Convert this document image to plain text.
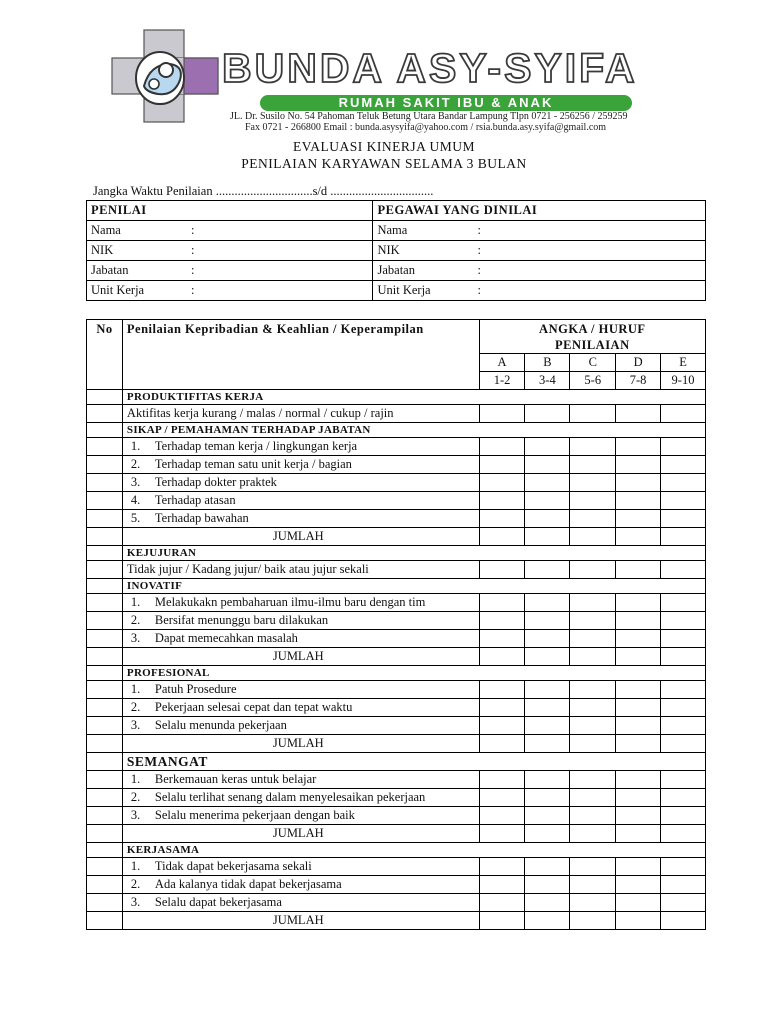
BUNDA ASY-SYIFA
RUMAH SAKIT IBU & ANAK
JL. Dr. Susilo No. 54 Pahoman Teluk Betung Utara Bandar Lampung Tlpn 0721 - 256256 / 259259
Fax 0721 - 266800 Email : bunda.asysyifa@yahoo.com / rsia.bunda.asy.syifa@gmail.com
EVALUASI KINERJA UMUM
PENILAIAN KARYAWAN SELAMA 3 BULAN
Jangka Waktu Penilaian ...............................s/d .................................
PENILAI	PEGAWAI YANG DINILAI
Nama :	Nama :
NIK :	NIK :
Jabatan :	Jabatan :
Unit Kerja :	Unit Kerja :
No	Penilaian Kepribadian & Keahlian / Keperampilan	ANGKA / HURUF
PENILAIAN				

		A	B	C	D	E
		1-2	3-4	5-6	7-8	9-10
	PRODUKTIFITAS KERJA					
	Aktifitas kerja kurang / malas / normal / cukup / rajin					
	SIKAP / PEMAHAMAN TERHADAP JABATAN					
	1. Terhadap teman kerja / lingkungan kerja					
	2. Terhadap teman satu unit kerja / bagian					
	3. Terhadap dokter praktek					
	4. Terhadap atasan					
	5. Terhadap bawahan					
	JUMLAH					
	KEJUJURAN					
	Tidak jujur / Kadang jujur/ baik atau jujur sekali					
	INOVATIF					
	1. Melakukakn pembaharuan ilmu-ilmu baru dengan tim					
	2. Bersifat menunggu baru dilakukan					
	3. Dapat memecahkan masalah					
	JUMLAH					
	PROFESIONAL					
	1. Patuh Prosedure					
	2. Pekerjaan selesai cepat dan tepat waktu					
	3. Selalu menunda pekerjaan					
	JUMLAH					
	SEMANGAT					
	1. Berkemauan keras untuk belajar					
	2. Selalu terlihat senang dalam menyelesaikan pekerjaan					
	3. Selalu menerima pekerjaan dengan baik					
	JUMLAH					
	KERJASAMA					
	1. Tidak dapat bekerjasama sekali					
	2. Ada kalanya tidak dapat bekerjasama					
	3. Selalu dapat bekerjasama					
	JUMLAH					
